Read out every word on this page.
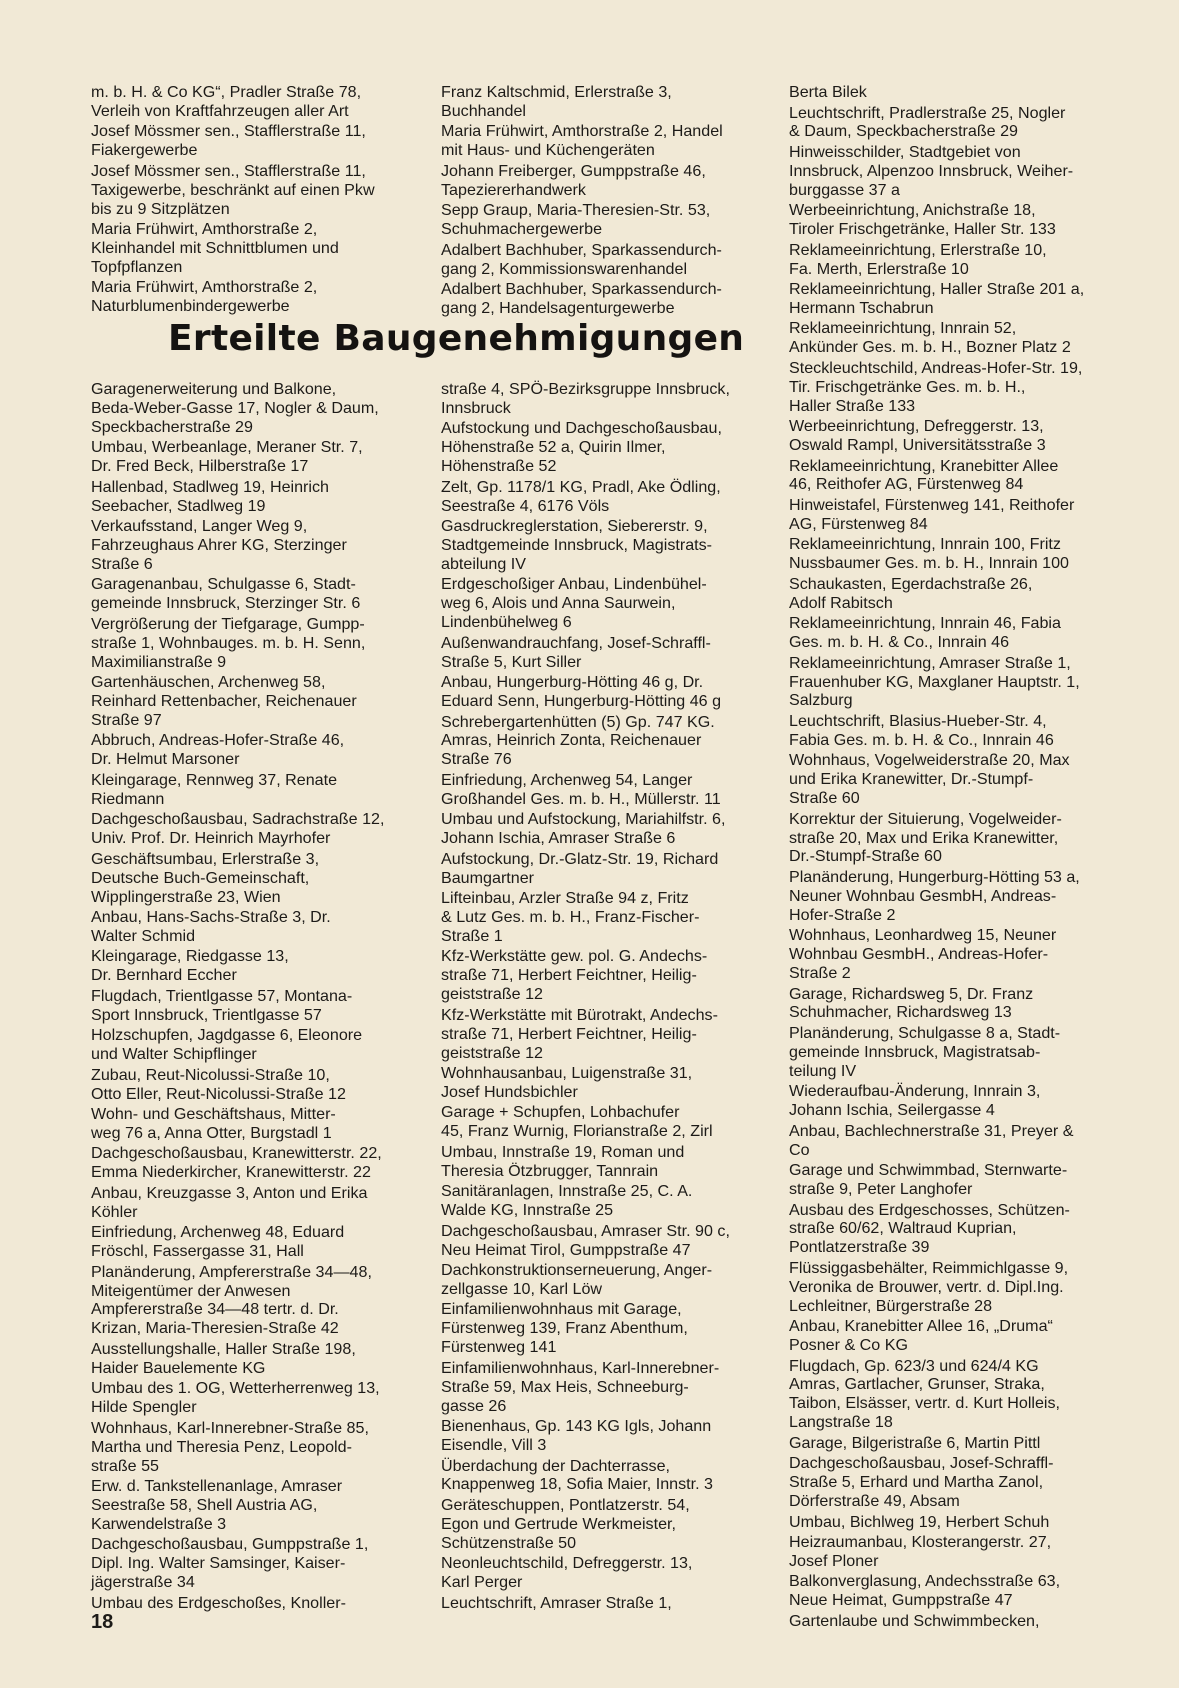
m. b. H. & Co KG“, Pradler Straße 78,
Verleih von Kraftfahrzeugen aller Art
Josef Mössmer sen., Stafflerstraße 11,
Fiakergewerbe
Josef Mössmer sen., Stafflerstraße 11,
Taxigewerbe, beschränkt auf einen Pkw
bis zu 9 Sitzplätzen
Maria Frühwirt, Amthorstraße 2,
Kleinhandel mit Schnittblumen und
Topfpflanzen
Maria Frühwirt, Amthorstraße 2,
Naturblumenbindergewerbe
Franz Kaltschmid, Erlerstraße 3,
Buchhandel
Maria Frühwirt, Amthorstraße 2, Handel
mit Haus- und Küchengeräten
Johann Freiberger, Gumppstraße 46,
Tapeziererhandwerk
Sepp Graup, Maria-Theresien-Str. 53,
Schuhmachergewerbe
Adalbert Bachhuber, Sparkassendurch-
gang 2, Kommissionswarenhandel
Adalbert Bachhuber, Sparkassendurch-
gang 2, Handelsagenturgewerbe
Berta Bilek
Leuchtschrift, Pradlerstraße 25, Nogler
& Daum, Speckbacherstraße 29
Hinweisschilder, Stadtgebiet von
Innsbruck, Alpenzoo Innsbruck, Weiher-
burggasse 37 a
Werbeeinrichtung, Anichstraße 18,
Tiroler Frischgetränke, Haller Str. 133
Reklameeinrichtung, Erlerstraße 10,
Fa. Merth, Erlerstraße 10
Reklameeinrichtung, Haller Straße 201 a,
Hermann Tschabrun
Reklameeinrichtung, Innrain 52,
Ankünder Ges. m. b. H., Bozner Platz 2
Steckleuchtschild, Andreas-Hofer-Str. 19,
Tir. Frischgetränke Ges. m. b. H.,
Haller Straße 133
Werbeeinrichtung, Defreggerstr. 13,
Oswald Rampl, Universitätsstraße 3
Reklameeinrichtung, Kranebitter Allee
46, Reithofer AG, Fürstenweg 84
Hinweistafel, Fürstenweg 141, Reithofer
AG, Fürstenweg 84
Reklameeinrichtung, Innrain 100, Fritz
Nussbaumer Ges. m. b. H., Innrain 100
Schaukasten, Egerdachstraße 26,
Adolf Rabitsch
Reklameeinrichtung, Innrain 46, Fabia
Ges. m. b. H. & Co., Innrain 46
Reklameeinrichtung, Amraser Straße 1,
Frauenhuber KG, Maxglaner Hauptstr. 1,
Salzburg
Leuchtschrift, Blasius-Hueber-Str. 4,
Fabia Ges. m. b. H. & Co., Innrain 46
Wohnhaus, Vogelweiderstraße 20, Max
und Erika Kranewitter, Dr.-Stumpf-
Straße 60
Korrektur der Situierung, Vogelweider-
straße 20, Max und Erika Kranewitter,
Dr.-Stumpf-Straße 60
Planänderung, Hungerburg-Hötting 53 a,
Neuner Wohnbau GesmbH, Andreas-
Hofer-Straße 2
Wohnhaus, Leonhardweg 15, Neuner
Wohnbau GesmbH., Andreas-Hofer-
Straße 2
Garage, Richardsweg 5, Dr. Franz
Schuhmacher, Richardsweg 13
Planänderung, Schulgasse 8 a, Stadt-
gemeinde Innsbruck, Magistratsab-
teilung IV
Wiederaufbau-Änderung, Innrain 3,
Johann Ischia, Seilergasse 4
Anbau, Bachlechnerstraße 31, Preyer &
Co
Garage und Schwimmbad, Sternwarte-
straße 9, Peter Langhofer
Ausbau des Erdgeschosses, Schützen-
straße 60/62, Waltraud Kuprian,
Pontlatzerstraße 39
Flüssiggasbehälter, Reimmichlgasse 9,
Veronika de Brouwer, vertr. d. Dipl.Ing.
Lechleitner, Bürgerstraße 28
Anbau, Kranebitter Allee 16, „Druma“
Posner & Co KG
Flugdach, Gp. 623/3 und 624/4 KG
Amras, Gartlacher, Grunser, Straka,
Taibon, Elsässer, vertr. d. Kurt Holleis,
Langstraße 18
Garage, Bilgeristraße 6, Martin Pittl
Dachgeschoßausbau, Josef-Schraffl-
Straße 5, Erhard und Martha Zanol,
Dörferstraße 49, Absam
Umbau, Bichlweg 19, Herbert Schuh
Heizraumanbau, Klosterangerstr. 27,
Josef Ploner
Balkonverglasung, Andechsstraße 63,
Neue Heimat, Gumppstraße 47
Gartenlaube und Schwimmbecken,
Erteilte Baugenehmigungen
Garagenerweiterung und Balkone,
Beda-Weber-Gasse 17, Nogler & Daum,
Speckbacherstraße 29
Umbau, Werbeanlage, Meraner Str. 7,
Dr. Fred Beck, Hilberstraße 17
Hallenbad, Stadlweg 19, Heinrich
Seebacher, Stadlweg 19
Verkaufsstand, Langer Weg 9,
Fahrzeughaus Ahrer KG, Sterzinger
Straße 6
Garagenanbau, Schulgasse 6, Stadt-
gemeinde Innsbruck, Sterzinger Str. 6
Vergrößerung der Tiefgarage, Gumpp-
straße 1, Wohnbauges. m. b. H. Senn,
Maximilianstraße 9
Gartenhäuschen, Archenweg 58,
Reinhard Rettenbacher, Reichenauer
Straße 97
Abbruch, Andreas-Hofer-Straße 46,
Dr. Helmut Marsoner
Kleingarage, Rennweg 37, Renate
Riedmann
Dachgeschoßausbau, Sadrachstraße 12,
Univ. Prof. Dr. Heinrich Mayrhofer
Geschäftsumbau, Erlerstraße 3,
Deutsche Buch-Gemeinschaft,
Wipplingerstraße 23, Wien
Anbau, Hans-Sachs-Straße 3, Dr.
Walter Schmid
Kleingarage, Riedgasse 13,
Dr. Bernhard Eccher
Flugdach, Trientlgasse 57, Montana-
Sport Innsbruck, Trientlgasse 57
Holzschupfen, Jagdgasse 6, Eleonore
und Walter Schipflinger
Zubau, Reut-Nicolussi-Straße 10,
Otto Eller, Reut-Nicolussi-Straße 12
Wohn- und Geschäftshaus, Mitter-
weg 76 a, Anna Otter, Burgstadl 1
Dachgeschoßausbau, Kranewitterstr. 22,
Emma Niederkircher, Kranewitterstr. 22
Anbau, Kreuzgasse 3, Anton und Erika
Köhler
Einfriedung, Archenweg 48, Eduard
Fröschl, Fassergasse 31, Hall
Planänderung, Ampfererstraße 34—48,
Miteigentümer der Anwesen
Ampfererstraße 34—48 tertr. d. Dr.
Krizan, Maria-Theresien-Straße 42
Ausstellungshalle, Haller Straße 198,
Haider Bauelemente KG
Umbau des 1. OG, Wetterherrenweg 13,
Hilde Spengler
Wohnhaus, Karl-Innerebner-Straße 85,
Martha und Theresia Penz, Leopold-
straße 55
Erw. d. Tankstellenanlage, Amraser
Seestraße 58, Shell Austria AG,
Karwendelstraße 3
Dachgeschoßausbau, Gumppstraße 1,
Dipl. Ing. Walter Samsinger, Kaiser-
jägerstraße 34
Umbau des Erdgeschoßes, Knoller-
straße 4, SPÖ-Bezirksgruppe Innsbruck,
Innsbruck
Aufstockung und Dachgeschoßausbau,
Höhenstraße 52 a, Quirin Ilmer,
Höhenstraße 52
Zelt, Gp. 1178/1 KG, Pradl, Ake Ödling,
Seestraße 4, 6176 Völs
Gasdruckreglerstation, Siebererstr. 9,
Stadtgemeinde Innsbruck, Magistrats-
abteilung IV
Erdgeschoßiger Anbau, Lindenbühel-
weg 6, Alois und Anna Saurwein,
Lindenbühelweg 6
Außenwandrauchfang, Josef-Schraffl-
Straße 5, Kurt Siller
Anbau, Hungerburg-Hötting 46 g, Dr.
Eduard Senn, Hungerburg-Hötting 46 g
Schrebergartenhütten (5) Gp. 747 KG.
Amras, Heinrich Zonta, Reichenauer
Straße 76
Einfriedung, Archenweg 54, Langer
Großhandel Ges. m. b. H., Müllerstr. 11
Umbau und Aufstockung, Mariahilfstr. 6,
Johann Ischia, Amraser Straße 6
Aufstockung, Dr.-Glatz-Str. 19, Richard
Baumgartner
Lifteinbau, Arzler Straße 94 z, Fritz
& Lutz Ges. m. b. H., Franz-Fischer-
Straße 1
Kfz-Werkstätte gew. pol. G. Andechs-
straße 71, Herbert Feichtner, Heilig-
geiststraße 12
Kfz-Werkstätte mit Bürotrakt, Andechs-
straße 71, Herbert Feichtner, Heilig-
geiststraße 12
Wohnhausanbau, Luigenstraße 31,
Josef Hundsbichler
Garage + Schupfen, Lohbachufer
45, Franz Wurnig, Florianstraße 2, Zirl
Umbau, Innstraße 19, Roman und
Theresia Ötzbrugger, Tannrain
Sanitäranlagen, Innstraße 25, C. A.
Walde KG, Innstraße 25
Dachgeschoßausbau, Amraser Str. 90 c,
Neu Heimat Tirol, Gumppstraße 47
Dachkonstruktionserneuerung, Anger-
zellgasse 10, Karl Löw
Einfamilienwohnhaus mit Garage,
Fürstenweg 139, Franz Abenthum,
Fürstenweg 141
Einfamilienwohnhaus, Karl-Innerebner-
Straße 59, Max Heis, Schneeburg-
gasse 26
Bienenhaus, Gp. 143 KG Igls, Johann
Eisendle, Vill 3
Überdachung der Dachterrasse,
Knappenweg 18, Sofia Maier, Innstr. 3
Geräteschuppen, Pontlatzerstr. 54,
Egon und Gertrude Werkmeister,
Schützenstraße 50
Neonleuchtschild, Defreggerstr. 13,
Karl Perger
Leuchtschrift, Amraser Straße 1,
18
